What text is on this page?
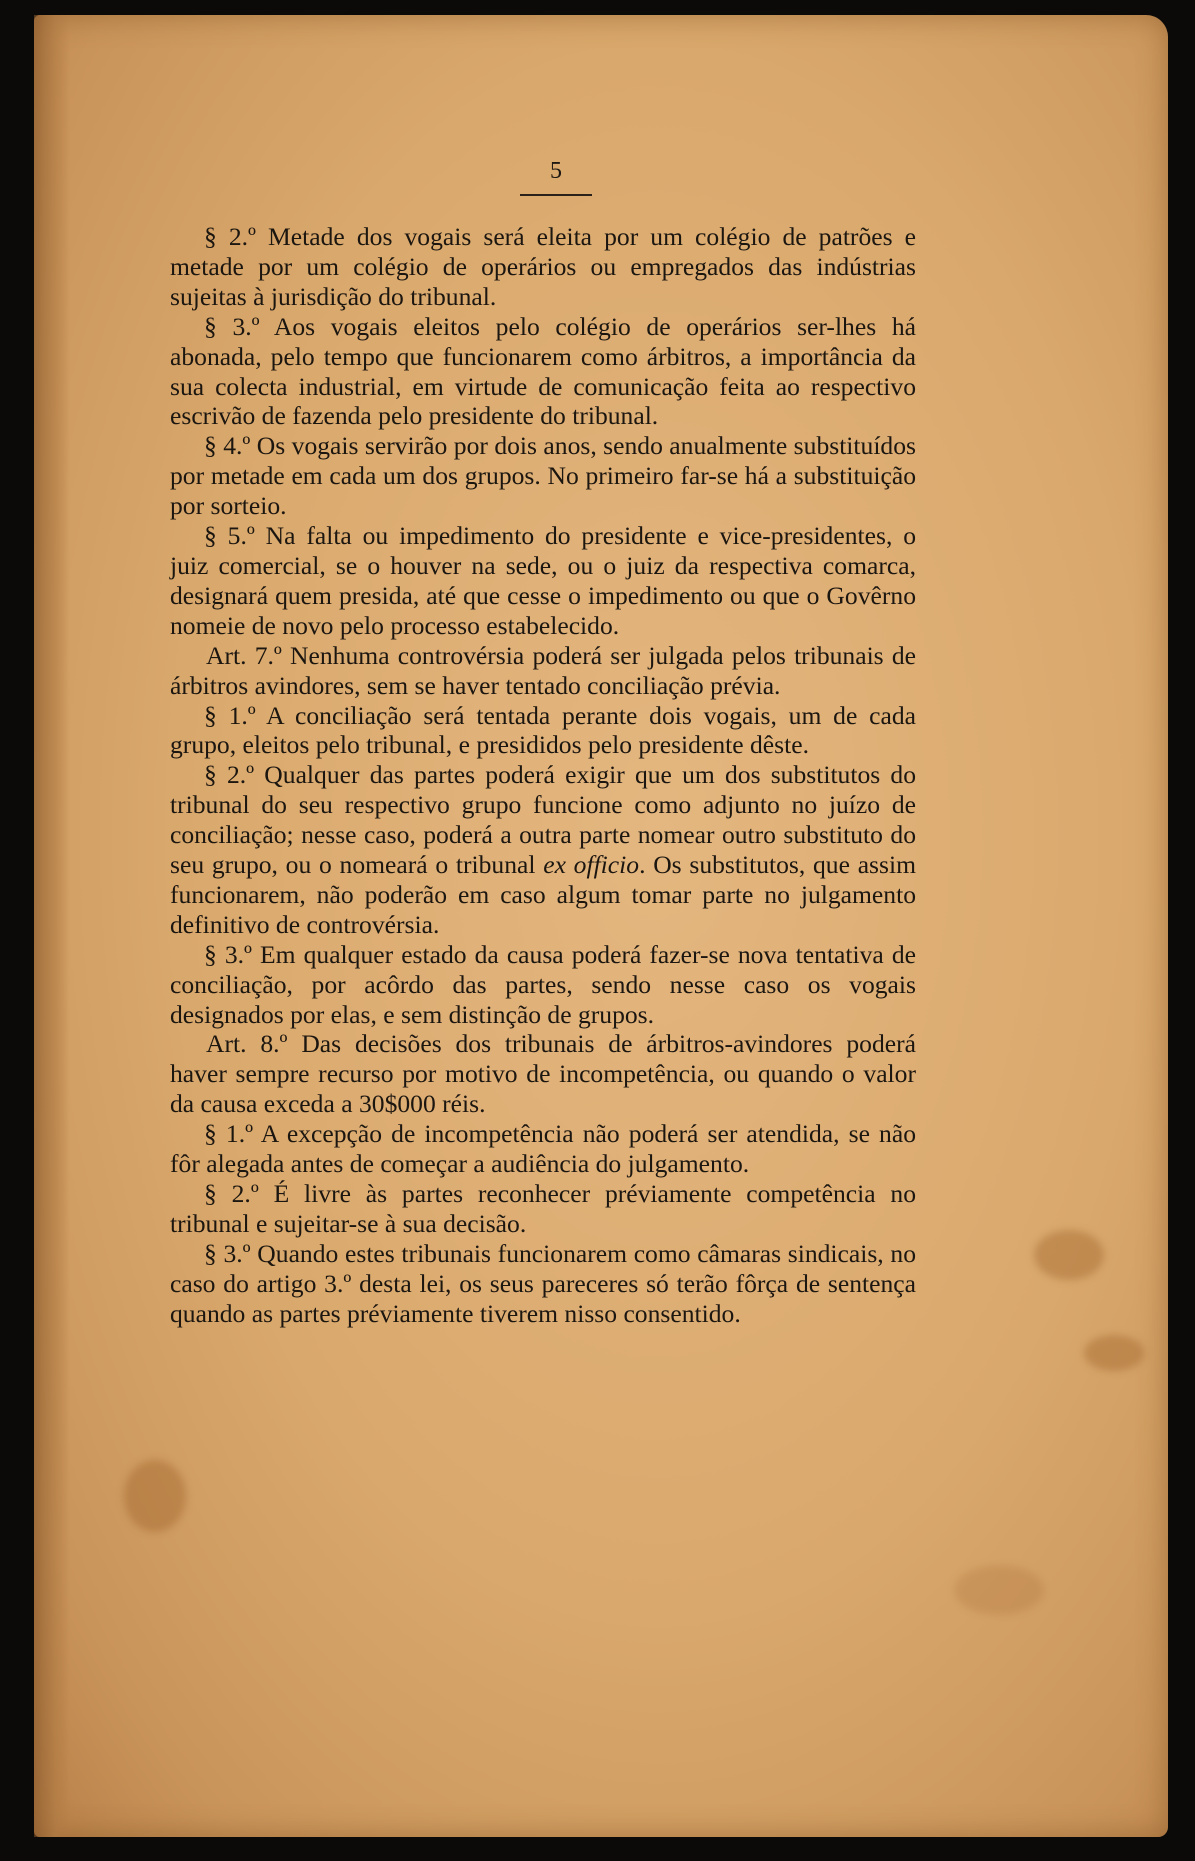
5

§ 2.º Metade dos vogais será eleita por um colégio de patrões e metade por um colégio de operários ou empregados das indústrias sujeitas à jurisdição do tribunal.

§ 3.º Aos vogais eleitos pelo colégio de operários ser-lhes há abonada, pelo tempo que funcionarem como árbitros, a importância da sua colecta industrial, em virtude de comunicação feita ao respectivo escrivão de fazenda pelo presidente do tribunal.

§ 4.º Os vogais servirão por dois anos, sendo anualmente substituídos por metade em cada um dos grupos. No primeiro far-se há a substituição por sorteio.

§ 5.º Na falta ou impedimento do presidente e vice-presidentes, o juiz comercial, se o houver na sede, ou o juiz da respectiva comarca, designará quem presida, até que cesse o impedimento ou que o Govêrno nomeie de novo pelo processo estabelecido.

Art. 7.º Nenhuma controvérsia poderá ser julgada pelos tribunais de árbitros avindores, sem se haver tentado conciliação prévia.

§ 1.º A conciliação será tentada perante dois vogais, um de cada grupo, eleitos pelo tribunal, e presididos pelo presidente dêste.

§ 2.º Qualquer das partes poderá exigir que um dos substitutos do tribunal do seu respectivo grupo funcione como adjunto no juízo de conciliação; nesse caso, poderá a outra parte nomear outro substituto do seu grupo, ou o nomeará o tribunal ex officio. Os substitutos, que assim funcionarem, não poderão em caso algum tomar parte no julgamento definitivo de controvérsia.

§ 3.º Em qualquer estado da causa poderá fazer-se nova tentativa de conciliação, por acôrdo das partes, sendo nesse caso os vogais designados por elas, e sem distinção de grupos.

Art. 8.º Das decisões dos tribunais de árbitros-avindores poderá haver sempre recurso por motivo de incompetência, ou quando o valor da causa exceda a 30$000 réis.

§ 1.º A excepção de incompetência não poderá ser atendida, se não fôr alegada antes de começar a audiência do julgamento.

§ 2.º É livre às partes reconhecer préviamente competência no tribunal e sujeitar-se à sua decisão.

§ 3.º Quando estes tribunais funcionarem como câmaras sindicais, no caso do artigo 3.º desta lei, os seus pareceres só terão fôrça de sentença quando as partes préviamente tiverem nisso consentido.
